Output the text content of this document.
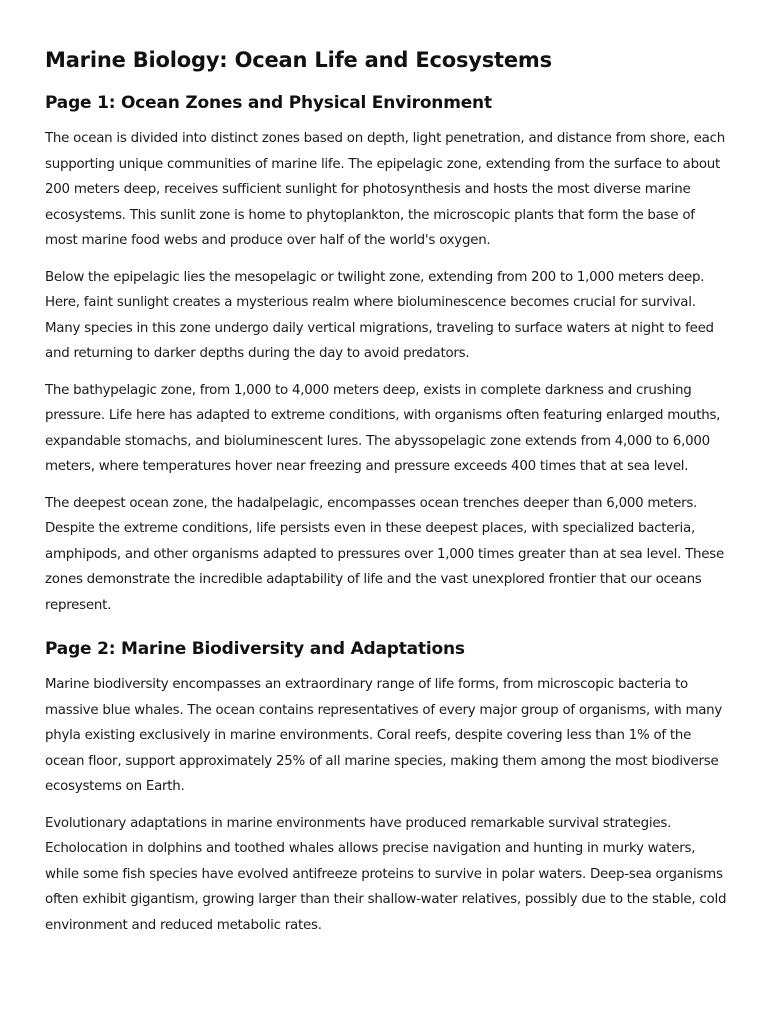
Marine Biology: Ocean Life and Ecosystems
Page 1: Ocean Zones and Physical Environment

The ocean is divided into distinct zones based on depth, light penetration, and distance from shore, each supporting unique communities of marine life. The epipelagic zone, extending from the surface to about 200 meters deep, receives sufficient sunlight for photosynthesis and hosts the most diverse marine ecosystems. This sunlit zone is home to phytoplankton, the microscopic plants that form the base of most marine food webs and produce over half of the world's oxygen.

Below the epipelagic lies the mesopelagic or twilight zone, extending from 200 to 1,000 meters deep. Here, faint sunlight creates a mysterious realm where bioluminescence becomes crucial for survival. Many species in this zone undergo daily vertical migrations, traveling to surface waters at night to feed and returning to darker depths during the day to avoid predators.

The bathypelagic zone, from 1,000 to 4,000 meters deep, exists in complete darkness and crushing pressure. Life here has adapted to extreme conditions, with organisms often featuring enlarged mouths, expandable stomachs, and bioluminescent lures. The abyssopelagic zone extends from 4,000 to 6,000 meters, where temperatures hover near freezing and pressure exceeds 400 times that at sea level.

The deepest ocean zone, the hadalpelagic, encompasses ocean trenches deeper than 6,000 meters. Despite the extreme conditions, life persists even in these deepest places, with specialized bacteria, amphipods, and other organisms adapted to pressures over 1,000 times greater than at sea level. These zones demonstrate the incredible adaptability of life and the vast unexplored frontier that our oceans represent.

Page 2: Marine Biodiversity and Adaptations

Marine biodiversity encompasses an extraordinary range of life forms, from microscopic bacteria to massive blue whales. The ocean contains representatives of every major group of organisms, with many phyla existing exclusively in marine environments. Coral reefs, despite covering less than 1% of the ocean floor, support approximately 25% of all marine species, making them among the most biodiverse ecosystems on Earth.

Evolutionary adaptations in marine environments have produced remarkable survival strategies. Echolocation in dolphins and toothed whales allows precise navigation and hunting in murky waters, while some fish species have evolved antifreeze proteins to survive in polar waters. Deep-sea organisms often exhibit gigantism, growing larger than their shallow-water relatives, possibly due to the stable, cold environment and reduced metabolic rates.
